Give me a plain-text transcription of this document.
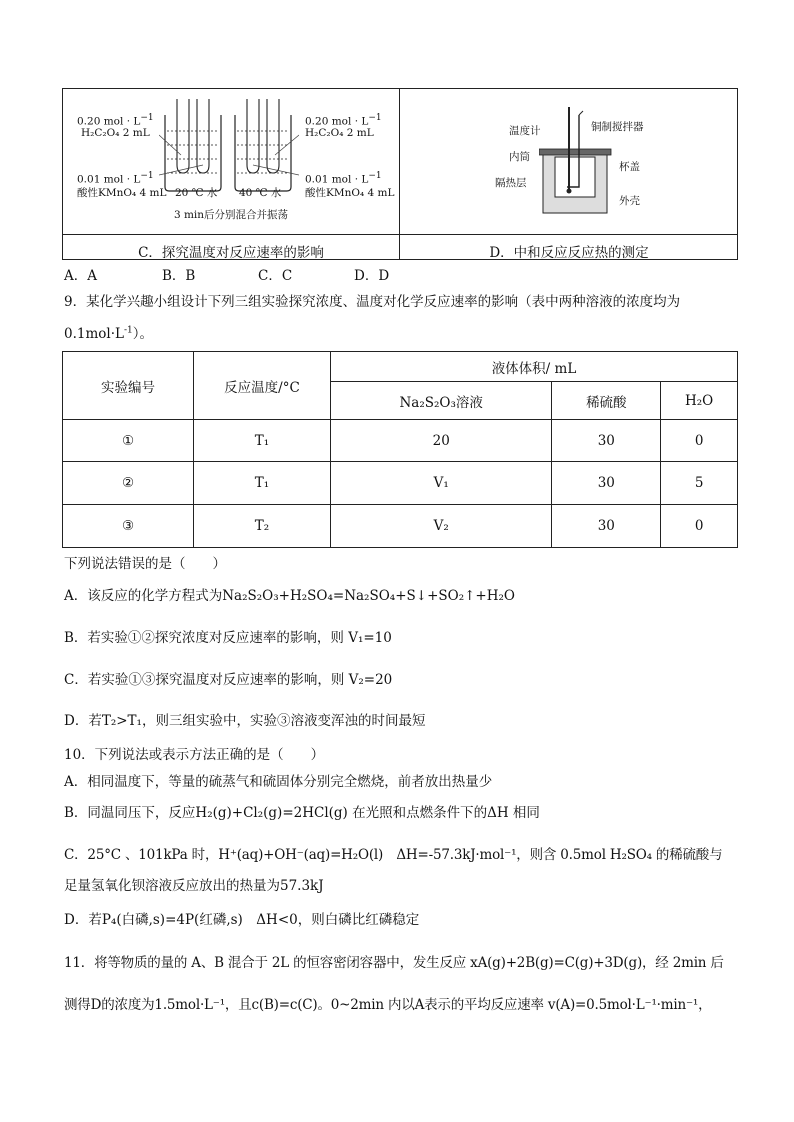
0.20 mol · $L^{-1}$
H₂C₂O₄ 2 mL
0.01 mol · $L^{-1}$
酸性KMnO₄ 4 mL 20 ℃ 水
0.20 mol · $L^{-1}$
H₂C₂O₄ 2 mL
0.01 mol · $L^{-1}$
40 ℃ 水 酸性KMnO₄ 4 mL
3 min后分别混合并振荡
温度计	铜制搅拌器
内筒
杯盖
隔热层
外壳
C．探究温度对反应速率的影响	D．中和反应反应热的测定
A．A	B．B	C．C	D．D
9．某化学兴趣小组设计下列三组实验探究浓度、温度对化学反应速率的影响（表中两种溶液的浓度均为
$0.1mol\cdot L^{-1}$）。
实验编号	反应温度/°C	液体体积/ mL		
		Na₂S₂O₃溶液	稀硫酸	H₂O
①	T₁	20	30	0
②	T₁	V₁	30	5
③	T₂	V₂	30	0
下列说法错误的是（　　）
A．该反应的化学方程式为Na₂S₂O₃+H₂SO₄=Na₂SO₄+S↓+SO₂↑+H₂O
B．若实验①②探究浓度对反应速率的影响，则 V₁=10
C．若实验①③探究温度对反应速率的影响，则 V₂=20
D．若T₂>T₁，则三组实验中，实验③溶液变浑浊的时间最短
10．下列说法或表示方法正确的是（　　）
A．相同温度下，等量的硫蒸气和硫固体分别完全燃烧，前者放出热量少
B．同温同压下，反应H₂(g)+Cl₂(g)=2HCl(g) 在光照和点燃条件下的ΔH 相同
C．25°C 、101kPa 时，H⁺(aq)+OH⁻(aq)=H₂O(l)　ΔH=-57.3kJ·mol⁻¹，则含 0.5mol H₂SO₄ 的稀硫酸与
足量氢氧化钡溶液反应放出的热量为57.3kJ
D．若P₄(白磷,s)=4P(红磷,s)　ΔH<0，则白磷比红磷稳定
11．将等物质的量的 A、B 混合于 2L 的恒容密闭容器中，发生反应 xA(g)+2B(g)=C(g)+3D(g)，经 2min 后
测得D的浓度为1.5mol·L⁻¹，且c(B)=c(C)。0~2min 内以A表示的平均反应速率 v(A)=0.5mol·L⁻¹·min⁻¹，
